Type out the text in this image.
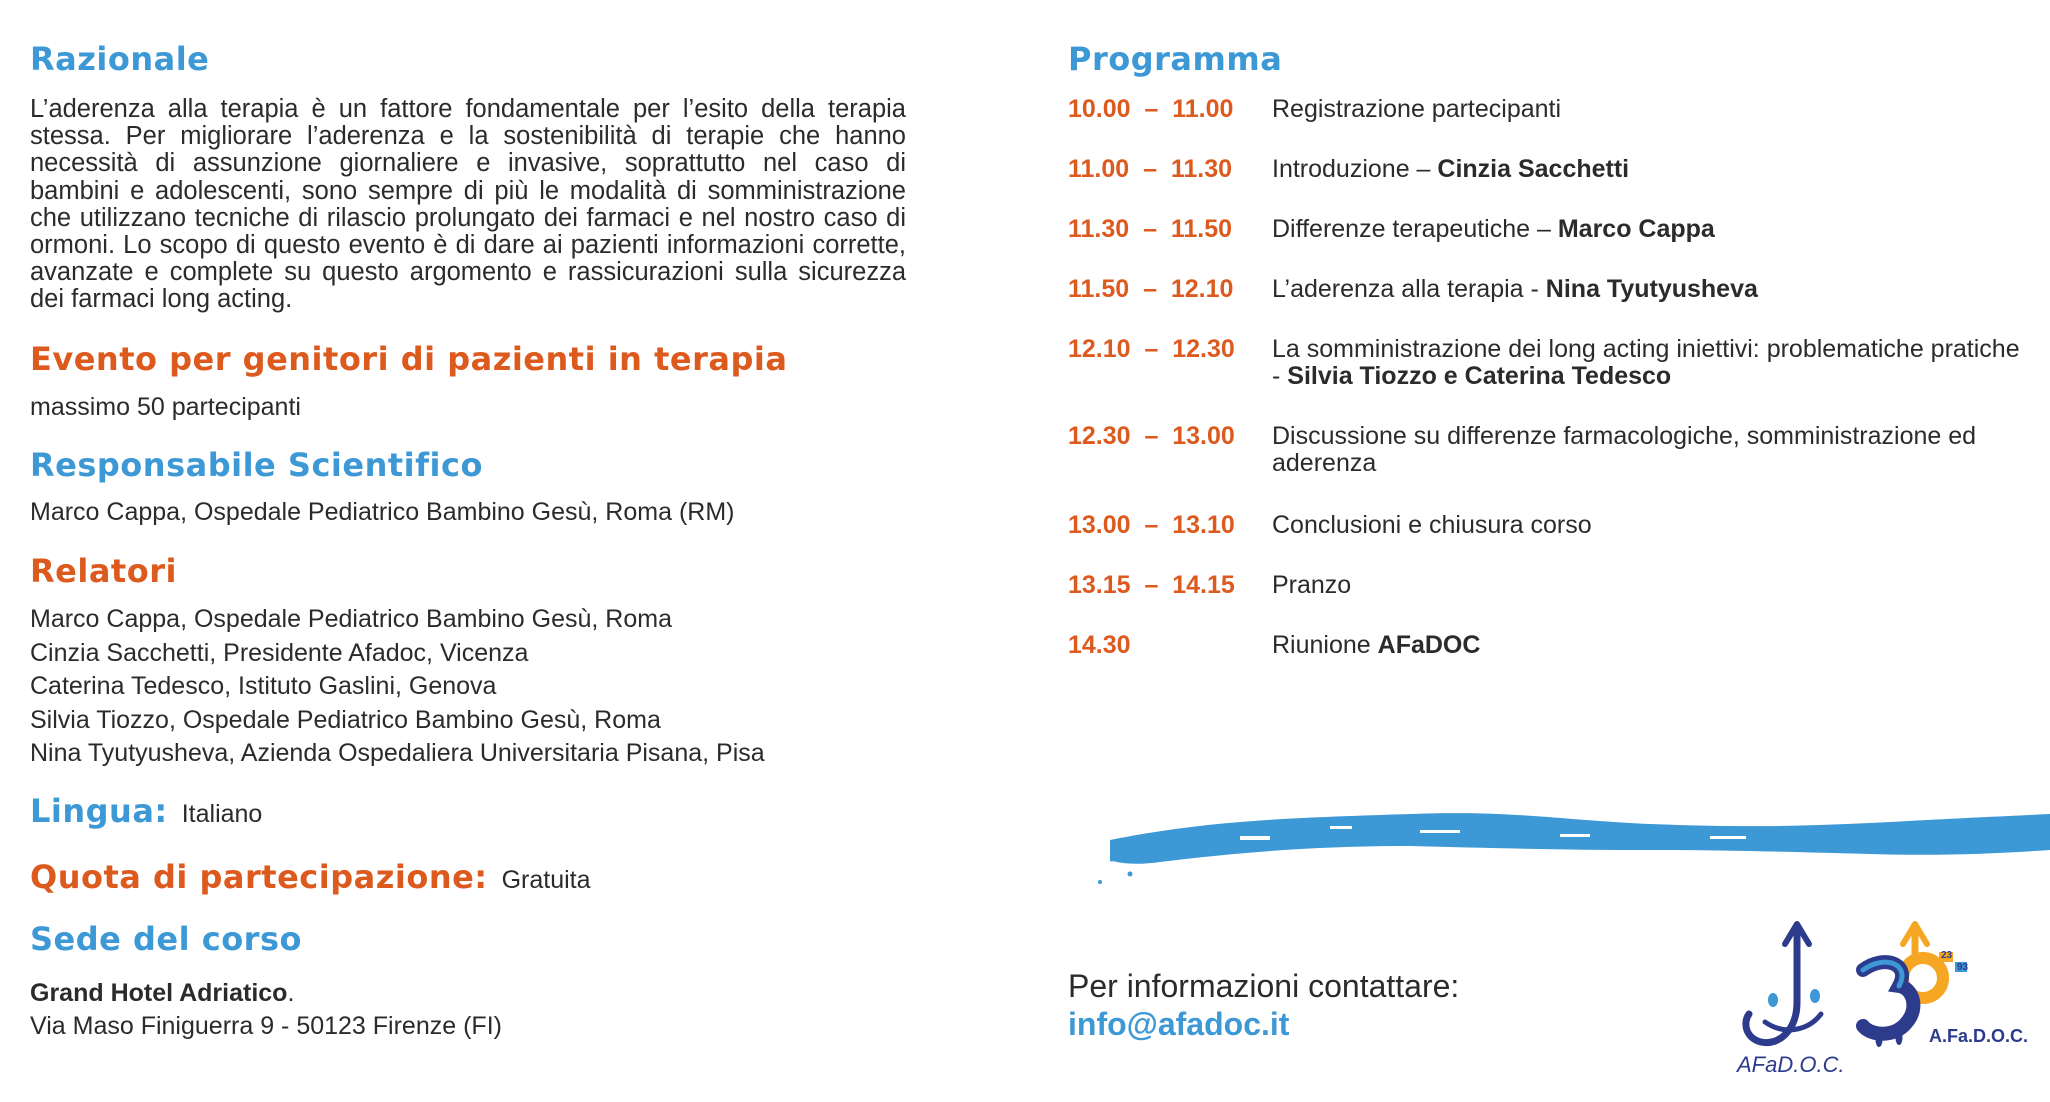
Razionale
L’aderenza alla terapia è un fattore fondamentale per l’esito della terapia stessa. Per migliorare l’aderenza e la sostenibilità di terapie che hanno necessità di assunzione giornaliere e invasive, soprattutto nel caso di bambini e adolescenti, sono sempre di più le modalità di somministrazione che utilizzano tecniche di rilascio prolungato dei farmaci e nel nostro caso di ormoni. Lo scopo di questo evento è di dare ai pazienti informazioni corrette, avanzate e complete su questo argomento e rassicurazioni sulla sicurezza dei farmaci long acting.
Evento per genitori di pazienti in terapia
massimo 50 partecipanti
Responsabile Scientifico
Marco Cappa, Ospedale Pediatrico Bambino Gesù, Roma (RM)
Relatori
Marco Cappa, Ospedale Pediatrico Bambino Gesù, Roma
Cinzia Sacchetti, Presidente Afadoc, Vicenza
Caterina Tedesco, Istituto Gaslini, Genova
Silvia Tiozzo, Ospedale Pediatrico Bambino Gesù, Roma
Nina Tyutyusheva, Azienda Ospedaliera Universitaria Pisana, Pisa
Lingua: Italiano
Quota di partecipazione: Gratuita
Sede del corso
Grand Hotel Adriatico.
Via Maso Finiguerra 9 - 50123 Firenze (FI)
Programma
10.00  –  11.00	Registrazione partecipanti
11.00  –  11.30	Introduzione – Cinzia Sacchetti
11.30  –  11.50	Differenze terapeutiche – Marco Cappa
11.50  –  12.10	L’aderenza alla terapia - Nina Tyutyusheva
12.10  –  12.30	La somministrazione dei long acting iniettivi: problematiche pratiche - Silvia Tiozzo e Caterina Tedesco
12.30  –  13.00	Discussione su differenze farmacologiche, somministrazione ed aderenza
13.00  –  13.10	Conclusioni e chiusura corso
13.15  –  14.15	Pranzo
14.30	Riunione AFaDOC
Per informazioni contattare:
info@afadoc.it
AFaD.O.C.
23
93
A.Fa.D.O.C.
